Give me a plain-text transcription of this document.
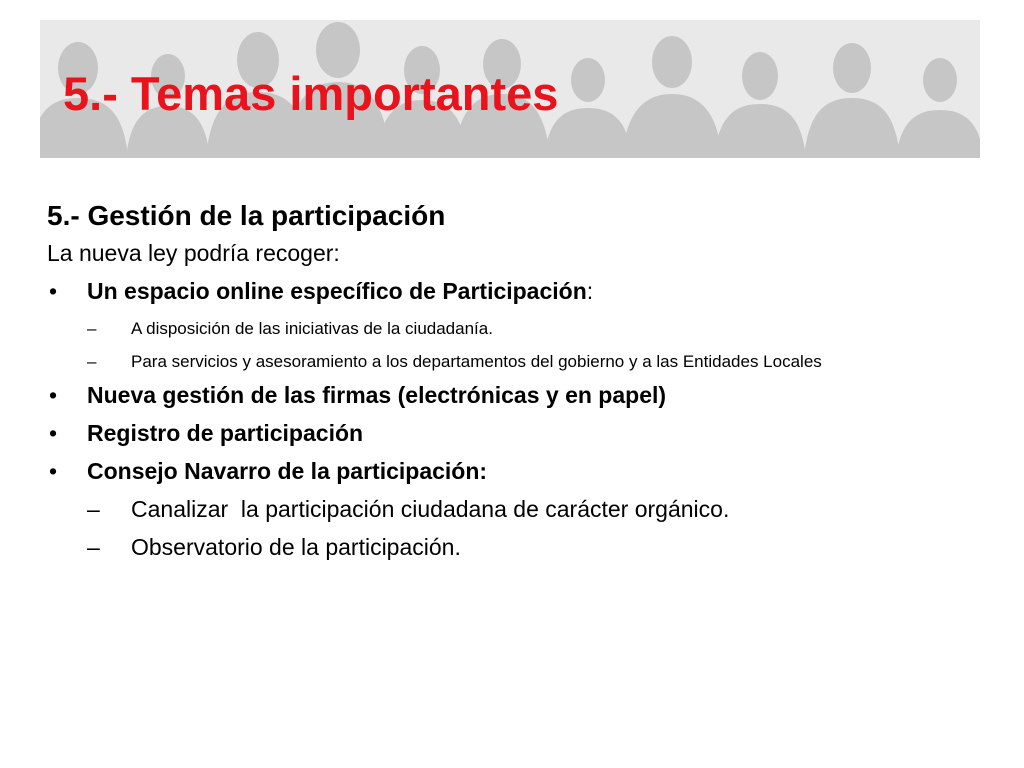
5.- Temas importantes
5.- Gestión de la participación
La nueva ley podría recoger:
• Un espacio online específico de Participación:
– A disposición de las iniciativas de la ciudadanía.
– Para servicios y asesoramiento a los departamentos del gobierno y a las Entidades Locales
• Nueva gestión de las firmas (electrónicas y en papel)
• Registro de participación
• Consejo Navarro de la participación:
– Canalizar  la participación ciudadana de carácter orgánico.
– Observatorio de la participación.
